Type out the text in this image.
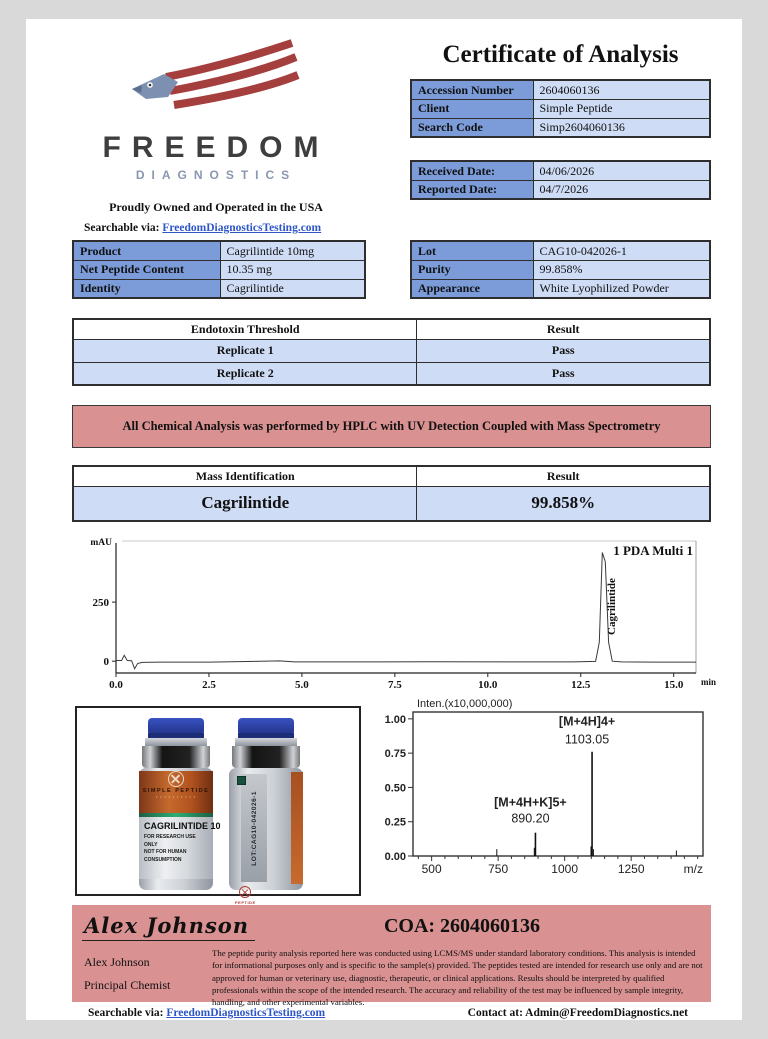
FREEDOM
DIAGNOSTICS
Proudly Owned and Operated in the USA
Searchable via: FreedomDiagnosticsTesting.com
Certificate of Analysis
Accession Number	2604060136
Client	Simple Peptide
Search Code	Simp2604060136
Received Date:	04/06/2026
Reported Date:	04/7/2026
Product	Cagrilintide 10mg
Net Peptide Content	10.35 mg
Identity	Cagrilintide
Lot	CAG10-042026-1
Purity	99.858%
Appearance	White Lyophilized Powder
Endotoxin Threshold	Result
Replicate 1	Pass
Replicate 2	Pass
All Chemical Analysis was performed by HPLC with UV Detection Coupled with Mass Spectrometry
Mass Identification	Result
Cagrilintide	99.858%
0.0	2.5	5.0	7.5	10.0	12.5	15.0
0
250
mAU
min
1 PDA Multi 1
Cagrilintide
SIMPLE PEPTIDE
• • • • • • • • • •
CAGRILINTIDE 10
FOR RESEARCH USE ONLY
NOT FOR HUMAN CONSUMPTION	LOT:CAG10-042026-1
PEPTIDE
Inten.(x10,000,000)
0.00
0.25
0.50
0.75
1.00
500	750	1000	1250	m/z
[M+4H+K]5+
890.20
[M+4H]4+
1103.05
Alex Johnson	COA: 2604060136
Alex Johnson
Principal Chemist
The peptide purity analysis reported here was conducted using LCMS/MS under standard laboratory conditions. This analysis is intended for informational purposes only and is specific to the sample(s) provided. The peptides tested are intended for research use only and are not approved for human or veterinary use, diagnostic, therapeutic, or clinical applications. Results should be interpreted by qualified professionals within the scope of the intended research. The accuracy and reliability of the test may be influenced by sample integrity, handling, and other experimental variables.
Searchable via: FreedomDiagnosticsTesting.com	Contact at: Admin@FreedomDiagnostics.net
